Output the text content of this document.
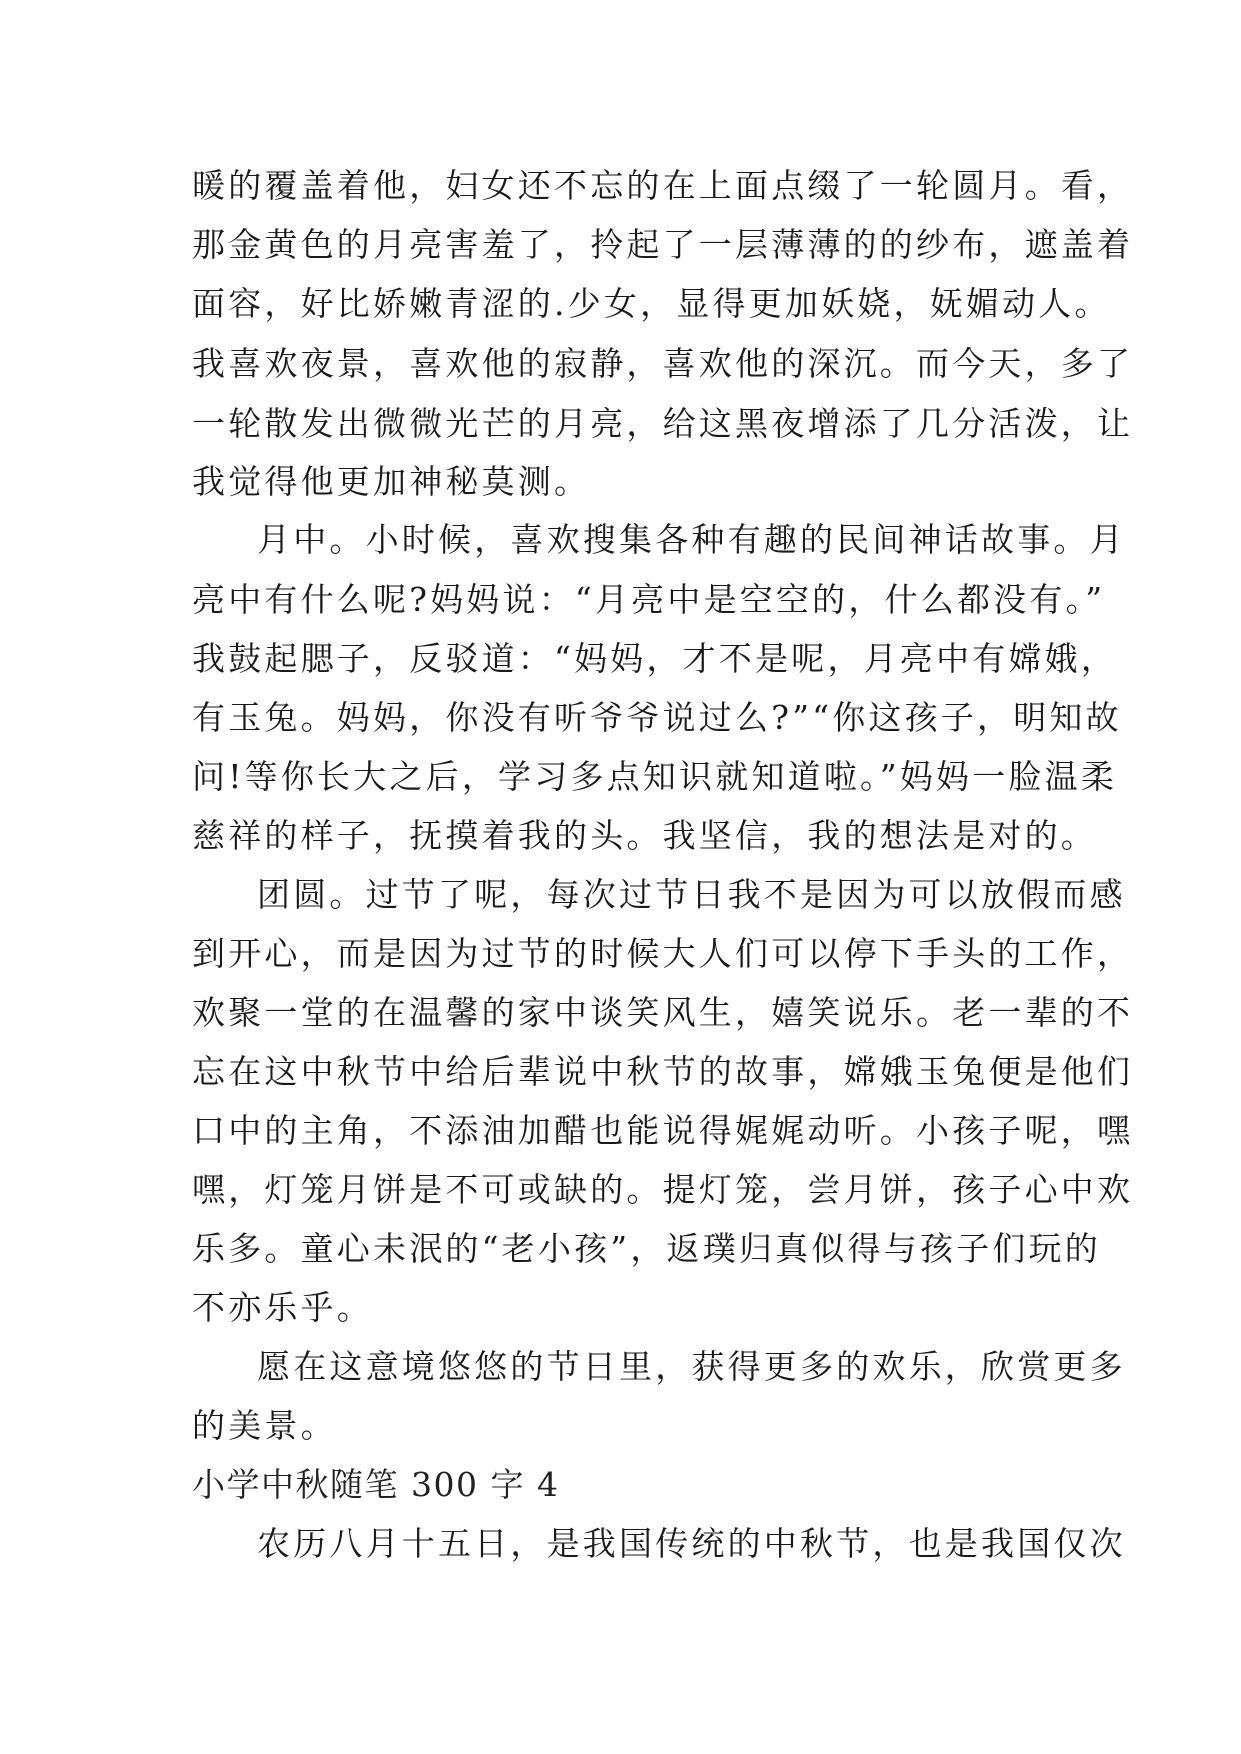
暖的覆盖着他，妇女还不忘的在上面点缀了一轮圆月。看，

那金黄色的月亮害羞了，拎起了一层薄薄的的纱布，遮盖着

面容，好比娇嫩青涩的.少女，显得更加妖娆，妩媚动人。

我喜欢夜景，喜欢他的寂静，喜欢他的深沉。而今天，多了

一轮散发出微微光芒的月亮，给这黑夜增添了几分活泼，让

我觉得他更加神秘莫测。

月中。小时候，喜欢搜集各种有趣的民间神话故事。月

亮中有什么呢?妈妈说：“月亮中是空空的，什么都没有。”

我鼓起腮子，反驳道：“妈妈，才不是呢，月亮中有嫦娥，

有玉兔。妈妈，你没有听爷爷说过么?”“你这孩子，明知故

问!等你长大之后，学习多点知识就知道啦。”妈妈一脸温柔

慈祥的样子，抚摸着我的头。我坚信，我的想法是对的。

团圆。过节了呢，每次过节日我不是因为可以放假而感

到开心，而是因为过节的时候大人们可以停下手头的工作，

欢聚一堂的在温馨的家中谈笑风生，嬉笑说乐。老一辈的不

忘在这中秋节中给后辈说中秋节的故事，嫦娥玉兔便是他们

口中的主角，不添油加醋也能说得娓娓动听。小孩子呢，嘿

嘿，灯笼月饼是不可或缺的。提灯笼，尝月饼，孩子心中欢

乐多。童心未泯的“老小孩”，返璞归真似得与孩子们玩的

不亦乐乎。

愿在这意境悠悠的节日里，获得更多的欢乐，欣赏更多

的美景。

小学中秋随笔 300 字 4

农历八月十五日，是我国传统的中秋节，也是我国仅次
